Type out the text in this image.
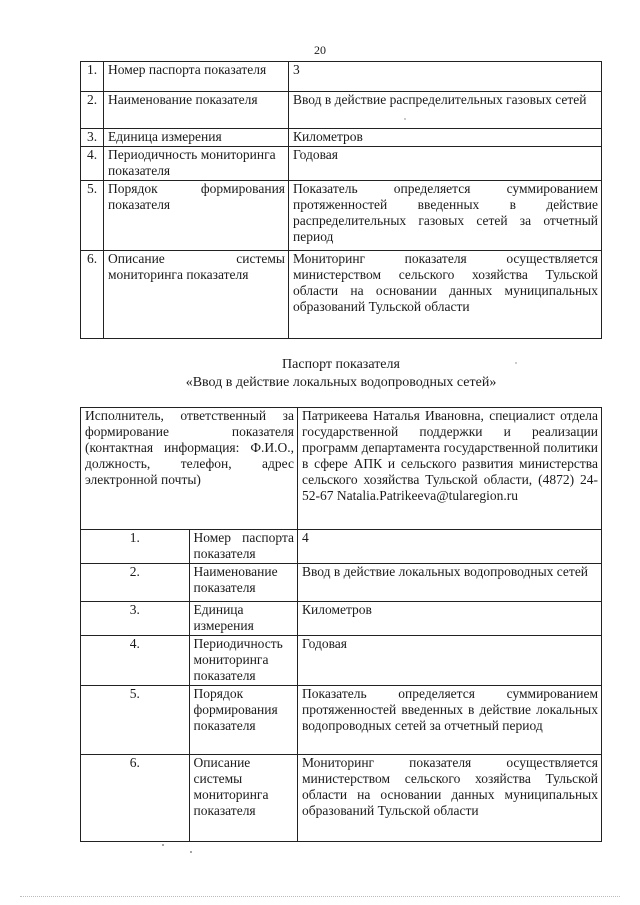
20
1.	Номер паспорта показателя	3
2.	Наименование показателя	Ввод в действие распределительных газовых сетей
3.	Единица измерения	Километров
4.	Периодичность мониторинга показателя	Годовая
5.	Порядок формирования показателя	Показатель определяется суммированием протяженностей введенных в действие распределительных газовых сетей за отчетный период
6.	Описание системы мониторинга показателя	Мониторинг показателя осуществляется министерством сельского хозяйства Тульской области на основании данных муниципальных образований Тульской области
Паспорт показателя
«Ввод в действие локальных водопроводных сетей»
Исполнитель, ответственный за формирование показателя (контактная информация: Ф.И.О., должность, телефон, адрес электронной почты)		Патрикеева Наталья Ивановна, специалист отдела государственной поддержки и реализации программ департамента государственной политики в сфере АПК и сельского развития министерства сельского хозяйства Тульской области, (4872) 24-52-67 Natalia.Patrikeeva@tularegion.ru
1.	Номер паспорта показателя	4
2.	Наименование показателя	Ввод в действие локальных водопроводных сетей
3.	Единица измерения	Километров
4.	Периодичность мониторинга показателя	Годовая
5.	Порядок формирования показателя	Показатель определяется суммированием протяженностей введенных в действие локальных водопроводных сетей за отчетный период
6.	Описание системы мониторинга показателя	Мониторинг показателя осуществляется министерством сельского хозяйства Тульской области на основании данных муниципальных образований Тульской области
